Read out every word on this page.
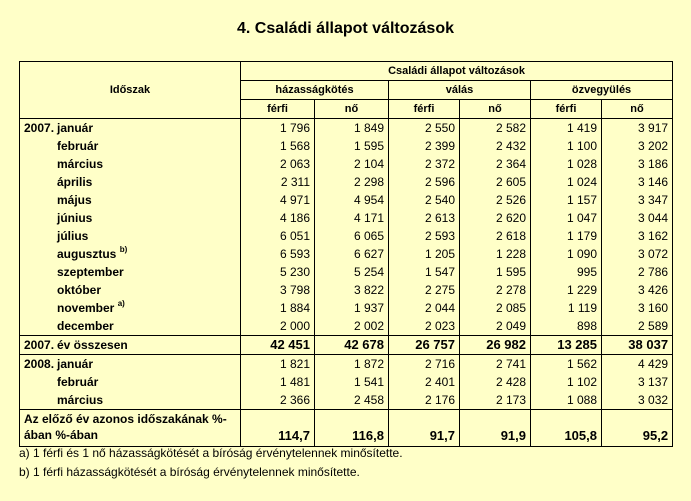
4. Családi állapot változások
Időszak	Családi állapot változások					
	házasságkötés		válás		özvegyülés	
	férfi	nő	férfi	nő	férfi	nő
2007. január	1 796	1 849	2 550	2 582	1 419	3 917
február	1 568	1 595	2 399	2 432	1 100	3 202
március	2 063	2 104	2 372	2 364	1 028	3 186
április	2 311	2 298	2 596	2 605	1 024	3 146
május	4 971	4 954	2 540	2 526	1 157	3 347
június	4 186	4 171	2 613	2 620	1 047	3 044
július	6 051	6 065	2 593	2 618	1 179	3 162
augusztus $^{b)}$	6 593	6 627	1 205	1 228	1 090	3 072
szeptember	5 230	5 254	1 547	1 595	995	2 786
október	3 798	3 822	2 275	2 278	1 229	3 426
november $^{a)}$	1 884	1 937	2 044	2 085	1 119	3 160
december	2 000	2 002	2 023	2 049	898	2 589
2007. év összesen	42 451	42 678	26 757	26 982	13 285	38 037
2008. január	1 821	1 872	2 716	2 741	1 562	4 429
február	1 481	1 541	2 401	2 428	1 102	3 137
március	2 366	2 458	2 176	2 173	1 088	3 032
Az előző év azonos időszakának %-ában %-ában	114,7	116,8	91,7	91,9	105,8	95,2
a) 1 férfi és 1 nő házasságkötését a bíróság érvénytelennek minősítette.
b) 1 férfi házasságkötését a bíróság érvénytelennek minősítette.
